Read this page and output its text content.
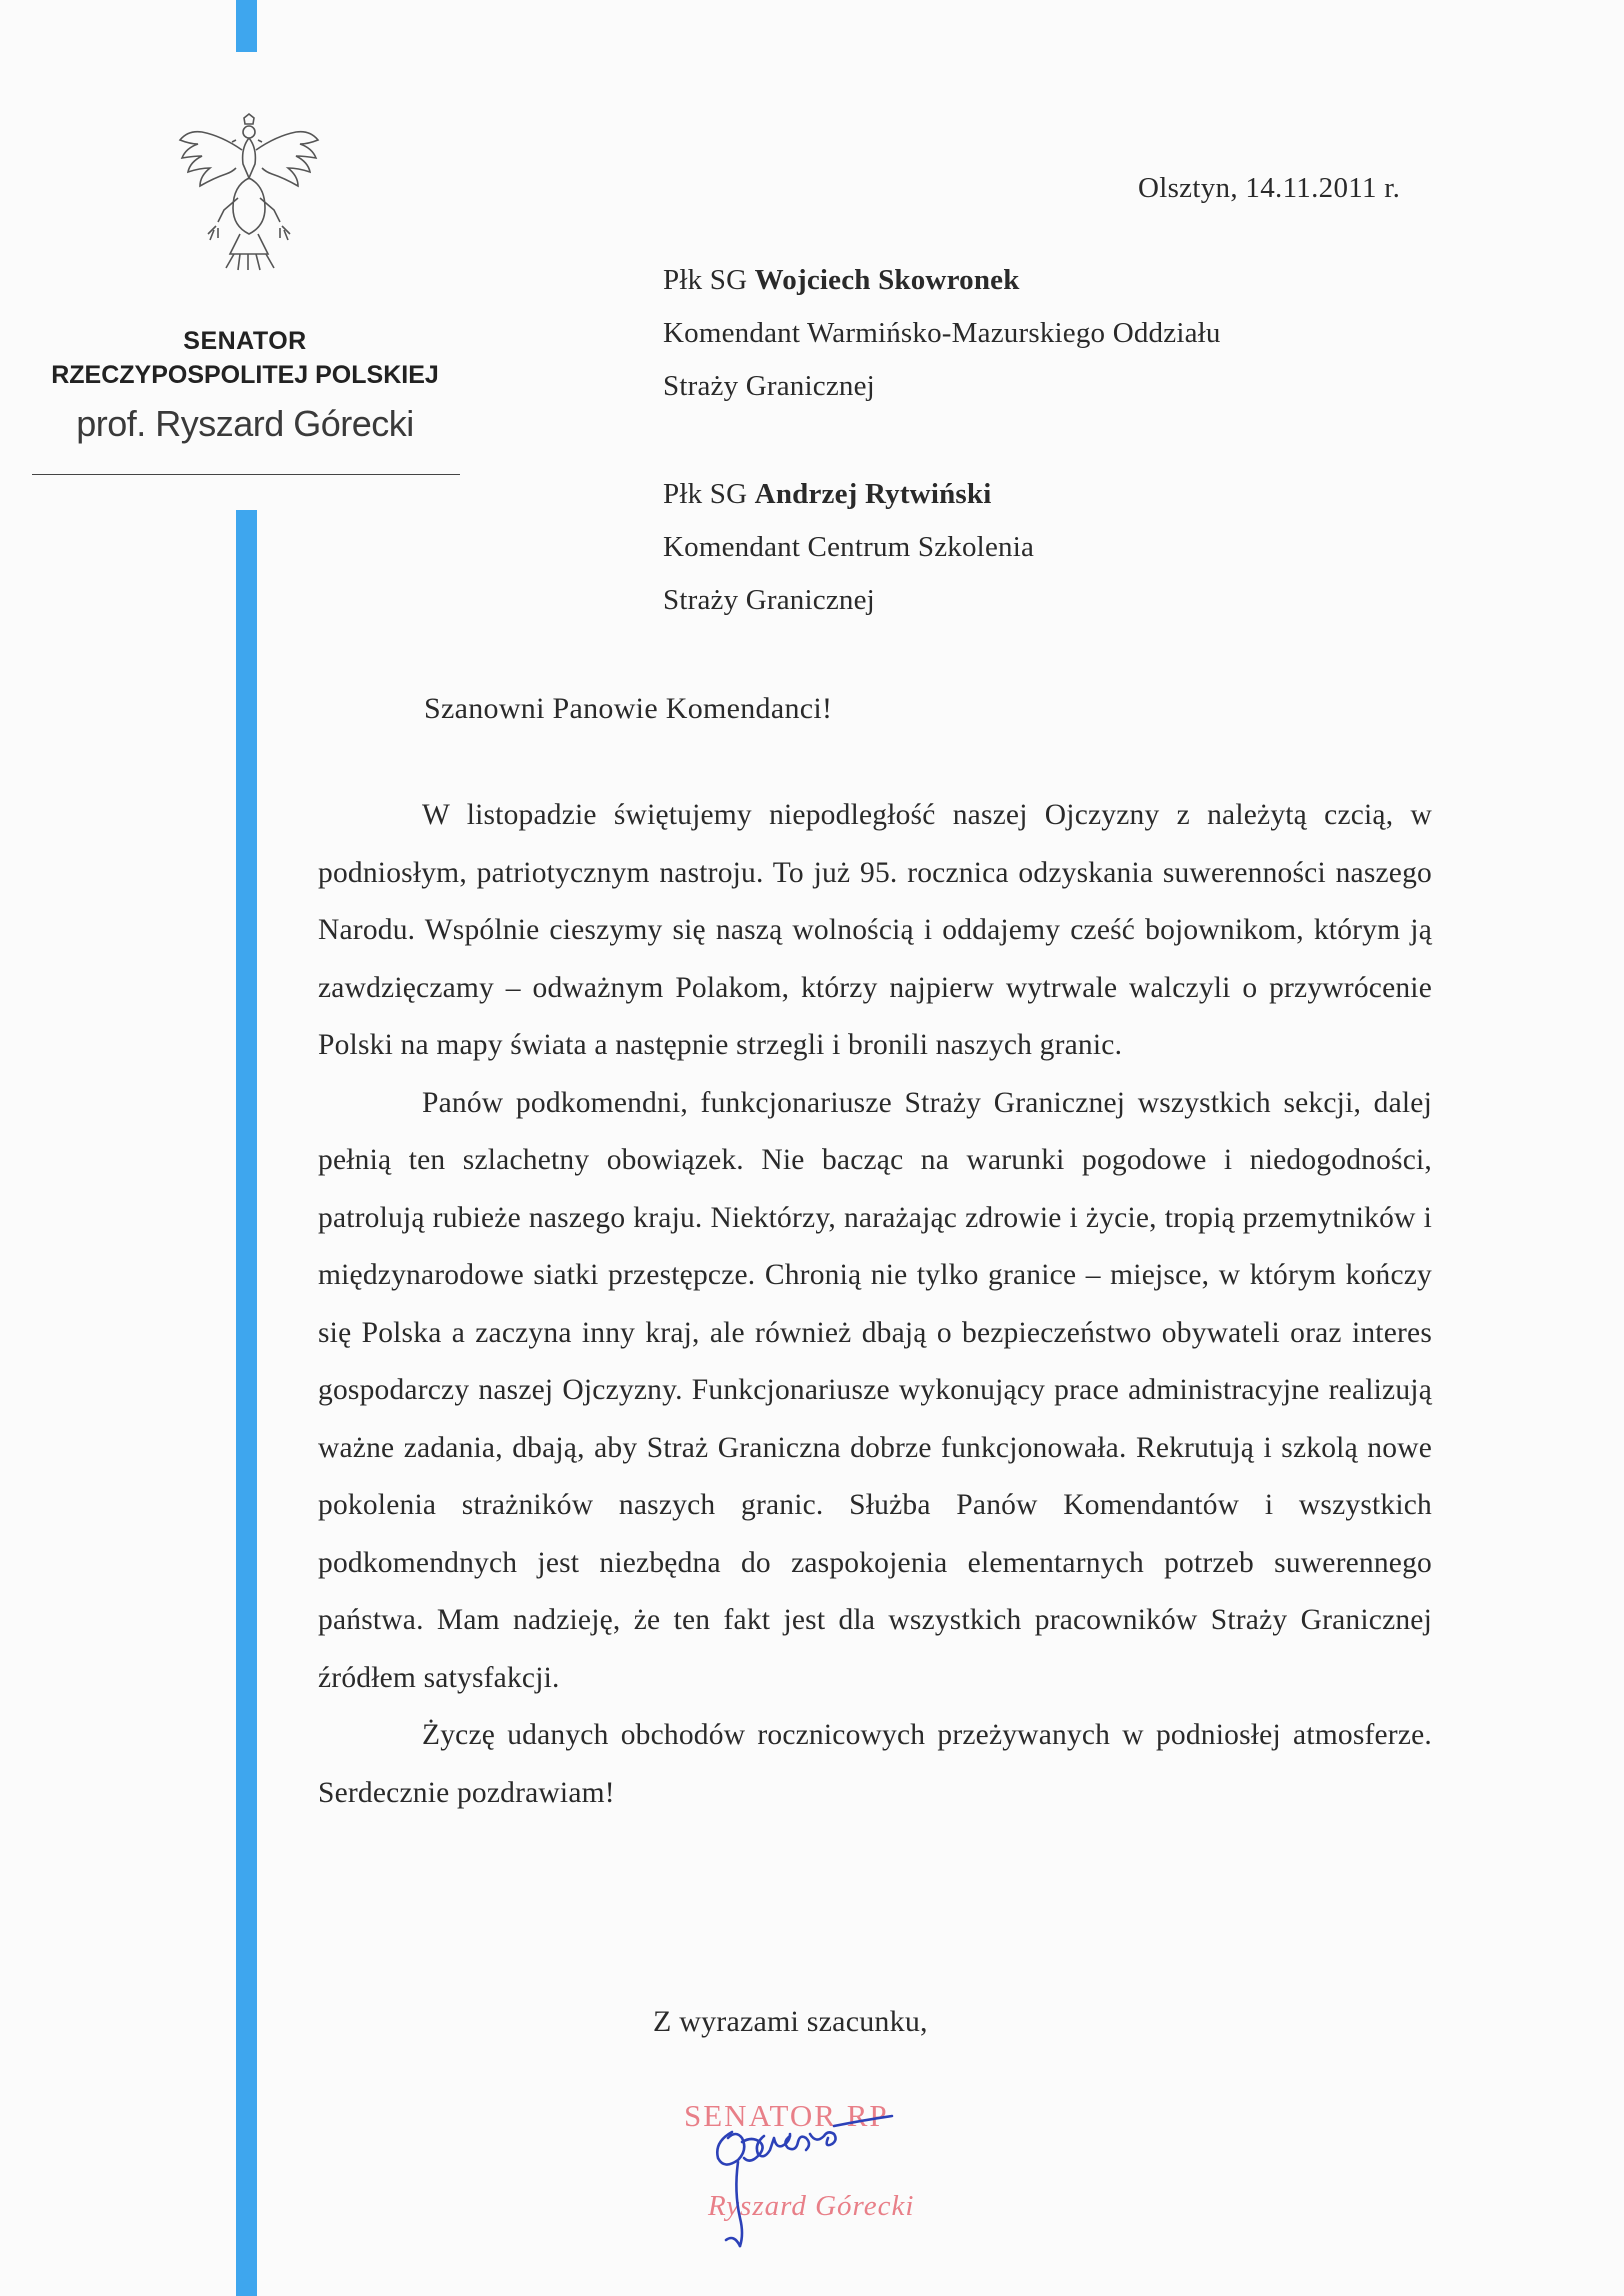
SENATOR
RZECZYPOSPOLITEJ POLSKIEJ
prof. Ryszard Górecki
Olsztyn, 14.11.2011 r.
Płk SG Wojciech Skowronek
Komendant Warmińsko-Mazurskiego Oddziału
Straży Granicznej
Płk SG Andrzej Rytwiński
Komendant Centrum Szkolenia
Straży Granicznej
Szanowni Panowie Komendanci!

W listopadzie świętujemy niepodległość naszej Ojczyzny z należytą czcią, w podniosłym, patriotycznym nastroju. To już 95. rocznica odzyskania suwerenności naszego Narodu. Wspólnie cieszymy się naszą wolnością i oddajemy cześć bojownikom, którym ją zawdzięczamy – odważnym Polakom, którzy najpierw wytrwale walczyli o przywrócenie Polski na mapy świata a następnie strzegli i bronili naszych granic.

Panów podkomendni, funkcjonariusze Straży Granicznej wszystkich sekcji, dalej pełnią ten szlachetny obowiązek. Nie bacząc na warunki pogodowe i niedogodności, patrolują rubieże naszego kraju. Niektórzy, narażając zdrowie i życie, tropią przemytników i międzynarodowe siatki przestępcze. Chronią nie tylko granice – miejsce, w którym kończy się Polska a zaczyna inny kraj, ale również dbają o bezpieczeństwo obywateli oraz interes gospodarczy naszej Ojczyzny. Funkcjonariusze wykonujący prace administracyjne realizują ważne zadania, dbają, aby Straż Graniczna dobrze funkcjonowała. Rekrutują i szkolą nowe pokolenia strażników naszych granic. Służba Panów Komendantów i wszystkich podkomendnych jest niezbędna do zaspokojenia elementarnych potrzeb suwerennego państwa. Mam nadzieję, że ten fakt jest dla wszystkich pracowników Straży Granicznej źródłem satysfakcji.

Życzę udanych obchodów rocznicowych przeżywanych w podniosłej atmosferze. Serdecznie pozdrawiam!

Z wyrazami szacunku,
SENATOR RP
Ryszard Górecki
